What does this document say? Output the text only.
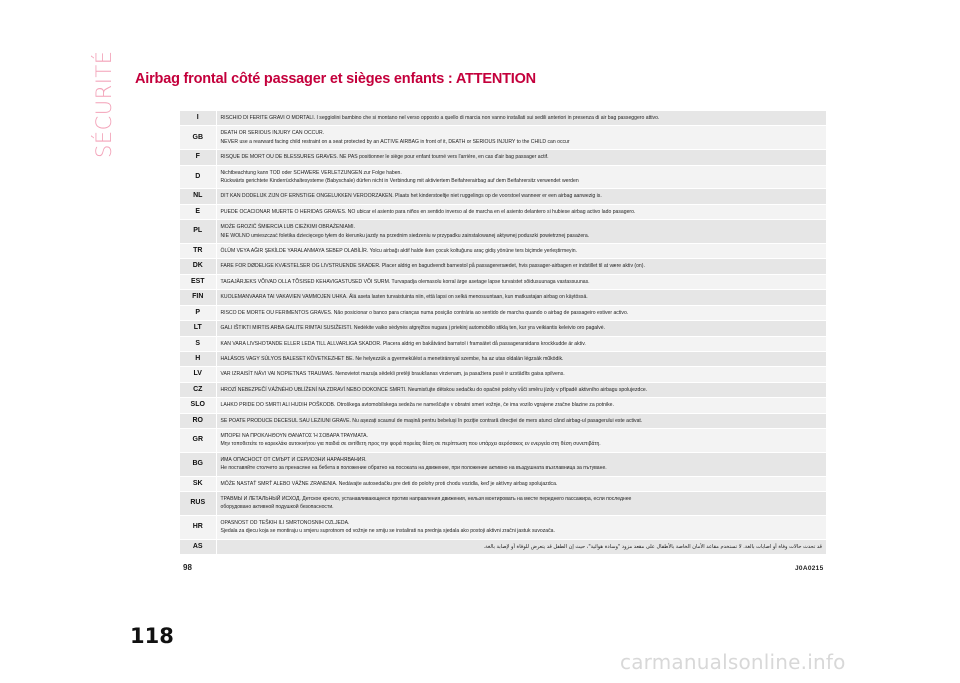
SÉCURITÉ Airbag frontal côté passager et sièges enfants : ATTENTION
I	RISCHIO DI FERITE GRAVI O MORTALI. I seggiolini bambino che si montano nel verso opposto a quello di marcia non vanno installati sui sedili anteriori in presenza di air bag passeggero attivo.

GB	DEATH OR SERIOUS INJURY CAN OCCUR.
NEVER use a rearward facing child restraint on a seat protected by an ACTIVE AIRBAG in front of it, DEATH or SERIOUS INJURY to the CHILD can occur

F	RISQUE DE MORT OU DE BLESSURES GRAVES. NE PAS positionner le siège pour enfant tourné vers l'arrière, en cas d'air bag passager actif.

D	Nichtbeachtung kann TOD oder SCHWERE VERLETZUNGEN zur Folge haben.
Rückwärts gerichtete Kinderrückhaltesysteme (Babyschale) dürfen nicht in Verbindung mit aktiviertem Beifahrerairbag auf dem Beifahrersitz verwendet werden

NL	DIT KAN DODELIJK ZIJN OF ERNSTIGE ONGELUKKEN VEROORZAKEN. Plaats het kinderstoeltje niet ruggelings op de voorstoel wanneer er een airbag aanwezig is.

E	PUEDE OCACIONAR MUERTE O HERIDAS GRAVES. NO ubicar el asiento para niños en sentido inverso al de marcha en el asiento delantero si hubiese airbag activo lado pasagero.

PL	MOŻE GROZIĆ ŚMIERCIA LUB CIEŻKIMI OBRAŻENIAMI.
NIE WOLNO umieszczać foletika dziecięcego tyłem do kierunku jazdy na przednim siedzeniu w przypadku zainstalowanej aktywnej poduszki powietrznej pasażera.

TR	ÖLÜM VEYA AĞIR ŞEKİLDE YARALANMAYA SEBEP OLABİLİR. Yolcu airbağı aktif halde iken çocuk koltuğunu araç gidiş yönüne ters biçimde yerleştirmeyin.

DK	FARE FOR DØDELIGE KVÆSTELSER OG LIVSTRUENDE SKADER. Placer aldrig en bagudvendt barnestol på passagerersædet, hvis passager-airbagen er indstillet til at være aktiv (on).

EST	TAGAJÄRJEKS VÕIVAD OLLA TÕSISED KEHAVIGASTUSED VÕI SURM. Turvapadja olemasolu korral ärge asetage lapse turvaistet sõidusuunaga vastassuunas.

FIN	KUOLEMANVAARA TAI VAKAVIEN VAMMOJEN UHKA. Älä aseta lasten turvaistuinta niin, että lapsi on selkä menosuuntaan, kun matkustajan airbag on käytössä.

P	RISCO DE MORTE OU FERIMENTOS GRAVES. Não posicionar o banco para crianças numa posição contrária ao sentido de marcha quando o airbag de passageiro estiver activo.

LT	GALI IŠTIKTI MIRTIS ARBA GALITE RIMTAI SUSIŽEISTI. Nedėkite vaiko sėdynės atgręžtos nugara į priekinį automobilio stiklą ten, kur yra veikiantis keleivio oro pagalvė.

S	KAN VARA LIVSHOTANDE ELLER LEDA TILL ALLVARLIGA SKADOR. Placera aldrig en bakåtvänd barnstol i framsätet då passagerarsidans krockkudde är aktiv.

H	HALÁSOS VAGY SÚLYOS BALESET KÖVETKEZHET BE. Ne helyezzük a gyermekülést a menetiránnyal szembe, ha az utas oldalán légzsák működik.

LV	VAR IZRAISĪT NĀVI VAI NOPIETNAS TRAUMAS. Nenovietot mazuļa sēdekli pretēji braukšanas virzienam, ja pasažiera pusē ir uzstādīts gaisa spilvens.

CZ	HROZÍ NEBEZPEČÍ VÁŽNÉHO UBLÍŽENÍ NA ZDRAVÍ NEBO DOKONCE SMRTI. Neumisťujte dětskou sedačku do opačné polohy vůči směru jízdy v případě aktivního airbagu spolujezdce.

SLO	LAHKO PRIDE DO SMRTI ALI HUDIH POŠKODB. Otroškega avtomobilskega sedeža ne nameščajte v obratni smeri vožnje, če ima vozilo vgrajene zračne blazine za potnike.

RO	SE POATE PRODUCE DECESUL SAU LEZIUNI GRAVE. Nu așezați scaunul de mașină pentru bebeluși în poziție contrară direcției de mers atunci când airbag-ul pasagerului este activat.

GR	ΜΠΟΡΕΙ ΝΑ ΠΡΟΚΛΗΘΟΥΝ ΘΑΝΑΤΟΣ Ή ΣΟΒΑΡΑ ΤΡΑΥΜΑΤΑ.
Μην τοποθετείτε το καρεκλάκι αυτοκινήτου για παιδιά σε αντίθετη προς την φορά πορείας θέση σε περίπτωση που υπάρχει αερόσακος εν ενεργεία στη θέση συνεπιβάτη.

BG	ИМА ОПАСНОСТ ОТ СМЪРТ И СЕРИОЗНИ НАРАНЯВАНИЯ.
Не поставяйте столчето за пренасяне на бебета в положение обратно на посоката на движение, при положение активно на въздушната възглавница за пътуване.

SK	MÔŽE NASTAŤ SMRŤ ALEBO VÁŽNE ZRANENIA. Nedávajte autosedačku pre deti do polohy proti chodu vozidla, keď je aktívny airbag spolujazdca.

RUS	ТРАВМЫ И ЛЕТАЛЬНЫЙ ИСХОД. Детское кресло, устанавливающееся против направления движения, нельзя монтировать на месте переднего пассажира, если последнее
оборудовано активной подушкой безопасности.

HR	OPASNOST OD TEŠKIH ILI SMRTONOSNIH OZLJEDA.
Sjedala za djecu koja se montiraju u smjeru suprotnom od vožnje ne smiju se instalirati na prednja sjedala ako postoji aktivni zračni jastuk suvozača.

AS	قد تحدث حالات وفاة أو اصابات بالغة. لا تستخدم مقاعد الأمان الخاصة بالأطفال على مقعد مزود "وسادة هوائية"، حيث إن الطفل قد يتعرض للوفاة أو لإصابة بالغة.
98	J0A0215
118
carmanualsonline.info
